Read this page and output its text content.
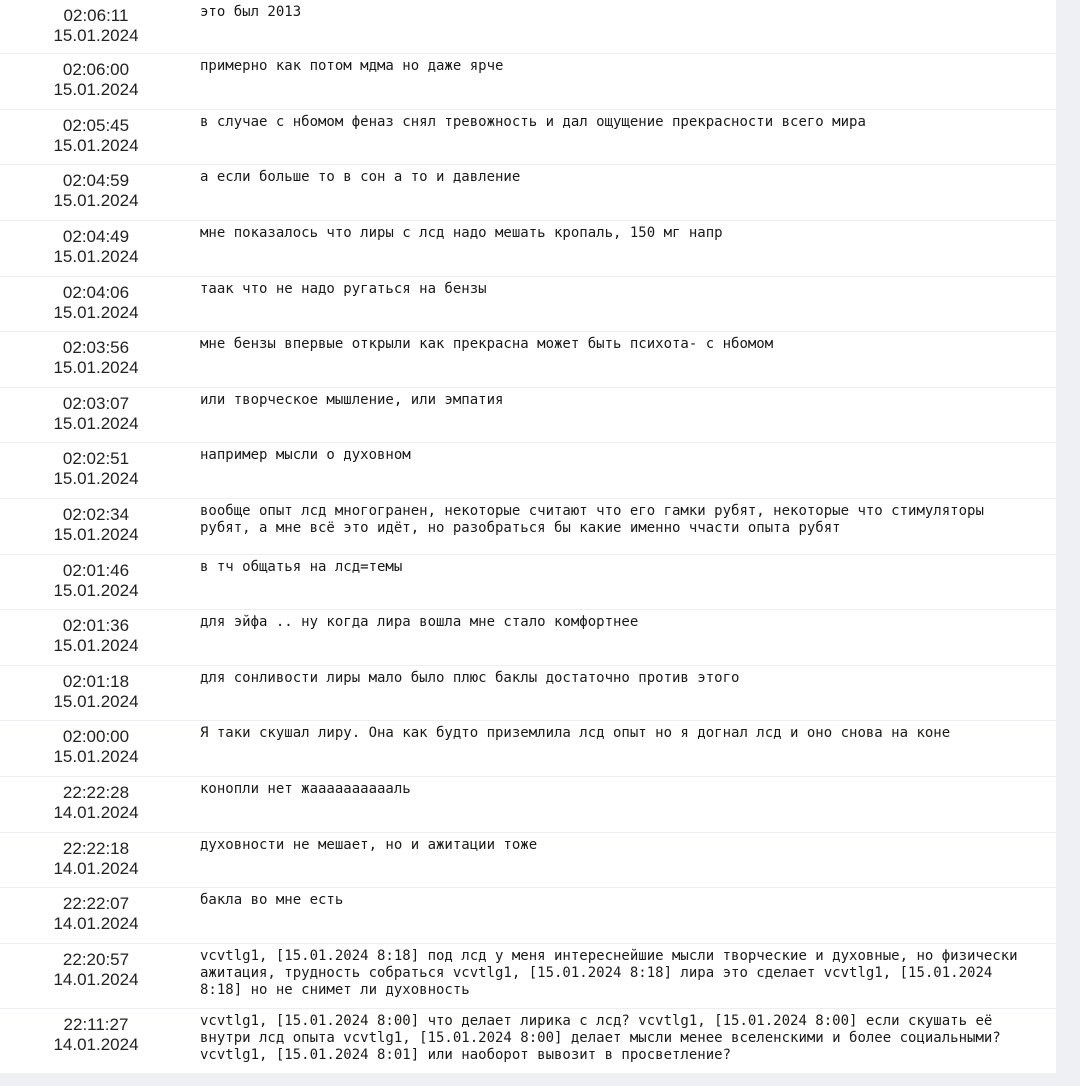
02:06:11
15.01.2024
это был 2013
02:06:00
15.01.2024
примерно как потом мдма но даже ярче
02:05:45
15.01.2024
в случае с нбомом феназ снял тревожность и дал ощущение прекрасности всего мира
02:04:59
15.01.2024
а если больше то в сон а то и давление
02:04:49
15.01.2024
мне показалось что лиры с лсд надо мешать кропаль, 150 мг напр
02:04:06
15.01.2024
таак что не надо ругаться на бензы
02:03:56
15.01.2024
мне бензы впервые открыли как прекрасна может быть психота- с нбомом
02:03:07
15.01.2024
или творческое мышление, или эмпатия
02:02:51
15.01.2024
например мысли о духовном
02:02:34
15.01.2024
вообще опыт лсд многогранен, некоторые считают что его гамки рубят, некоторые что стимуляторы рубят, а мне всё это идёт, но разобраться бы какие именно ччасти опыта рубят
02:01:46
15.01.2024
в тч общатья на лсд=темы
02:01:36
15.01.2024
для эйфа .. ну когда лира вошла мне стало комфортнее
02:01:18
15.01.2024
для сонливости лиры мало было плюс баклы достаточно против этого
02:00:00
15.01.2024
Я таки скушал лиру. Она как будто приземлила лсд опыт но я догнал лсд и оно снова на коне
22:22:28
14.01.2024
конопли нет жааааааааааль
22:22:18
14.01.2024
духовности не мешает, но и ажитации тоже
22:22:07
14.01.2024
бакла во мне есть
22:20:57
14.01.2024
vcvtlg1, [15.01.2024 8:18] под лсд у меня интереснейшие мысли творческие и духовные, но физически ажитация, трудность собраться vcvtlg1, [15.01.2024 8:18] лира это сделает vcvtlg1, [15.01.2024 8:18] но не снимет ли духовность
22:11:27
14.01.2024
vcvtlg1, [15.01.2024 8:00] что делает лирика с лсд? vcvtlg1, [15.01.2024 8:00] если скушать её внутри лсд опыта vcvtlg1, [15.01.2024 8:00] делает мысли менее вселенскими и более социальными? vcvtlg1, [15.01.2024 8:01] или наоборот вывозит в просветление?
